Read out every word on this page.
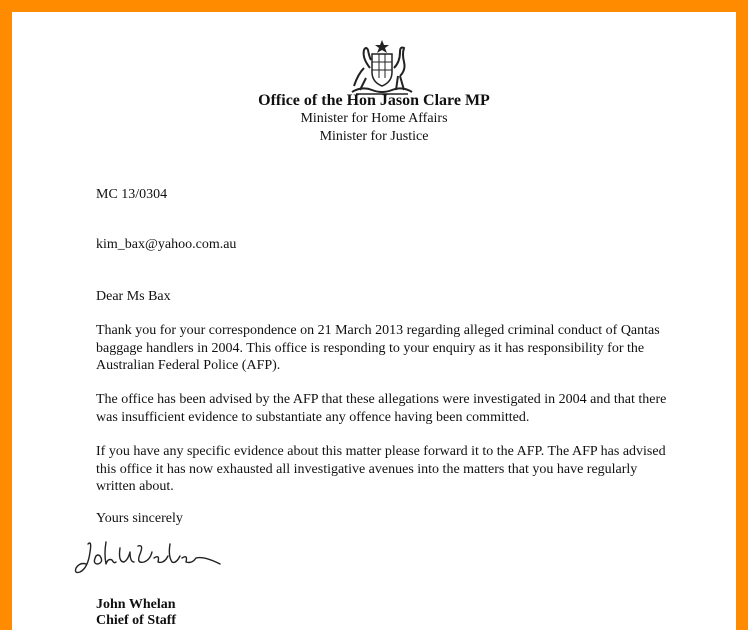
Office of the Hon Jason Clare MP
Minister for Home Affairs
Minister for Justice
MC 13/0304
kim_bax@yahoo.com.au
Dear Ms Bax
Thank you for your correspondence on 21 March 2013 regarding alleged criminal conduct of Qantas baggage handlers in 2004. This office is responding to your enquiry as it has responsibility for the Australian Federal Police (AFP).
The office has been advised by the AFP that these allegations were investigated in 2004 and that there was insufficient evidence to substantiate any offence having been committed.
If you have any specific evidence about this matter please forward it to the AFP. The AFP has advised this office it has now exhausted all investigative avenues into the matters that you have regularly written about.
Yours sincerely
John Whelan
Chief of Staff
